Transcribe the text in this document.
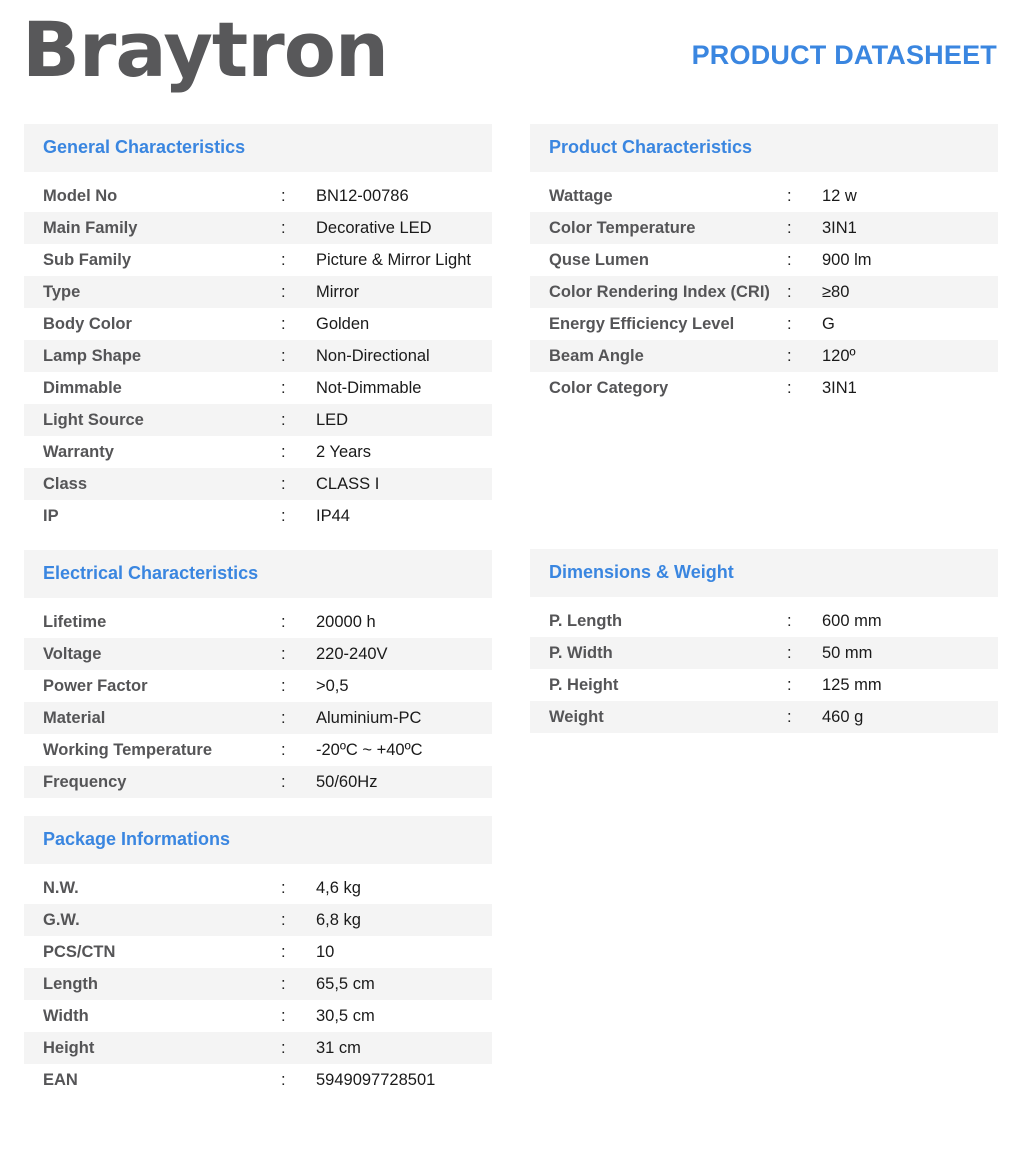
Braytron	PRODUCT DATASHEET
General Characteristics
Model No	: BN12-00786
Main Family	: Decorative LED
Sub Family	: Picture & Mirror Light
Type	: Mirror
Body Color	: Golden
Lamp Shape	: Non-Directional
Dimmable	: Not-Dimmable
Light Source	: LED
Warranty	: 2 Years
Class	: CLASS I
IP	: IP44
Electrical Characteristics
Lifetime	: 20000 h
Voltage	: 220-240V
Power Factor	: >0,5
Material	: Aluminium-PC
Working Temperature	: -20ºC ~ +40ºC
Frequency	: 50/60Hz
Package Informations
N.W.	: 4,6 kg
G.W.	: 6,8 kg
PCS/CTN	: 10
Length	: 65,5 cm
Width	: 30,5 cm
Height	: 31 cm
EAN	: 5949097728501
Product Characteristics
Wattage	: 12 w
Color Temperature	: 3IN1
Quse Lumen	: 900 lm
Color Rendering Index (CRI) : ≥80
Energy Efficiency Level	: G
Beam Angle	: 120º
Color Category	: 3IN1
Dimensions & Weight
P. Length	: 600 mm
P. Width	: 50 mm
P. Height	: 125 mm
Weight	: 460 g
